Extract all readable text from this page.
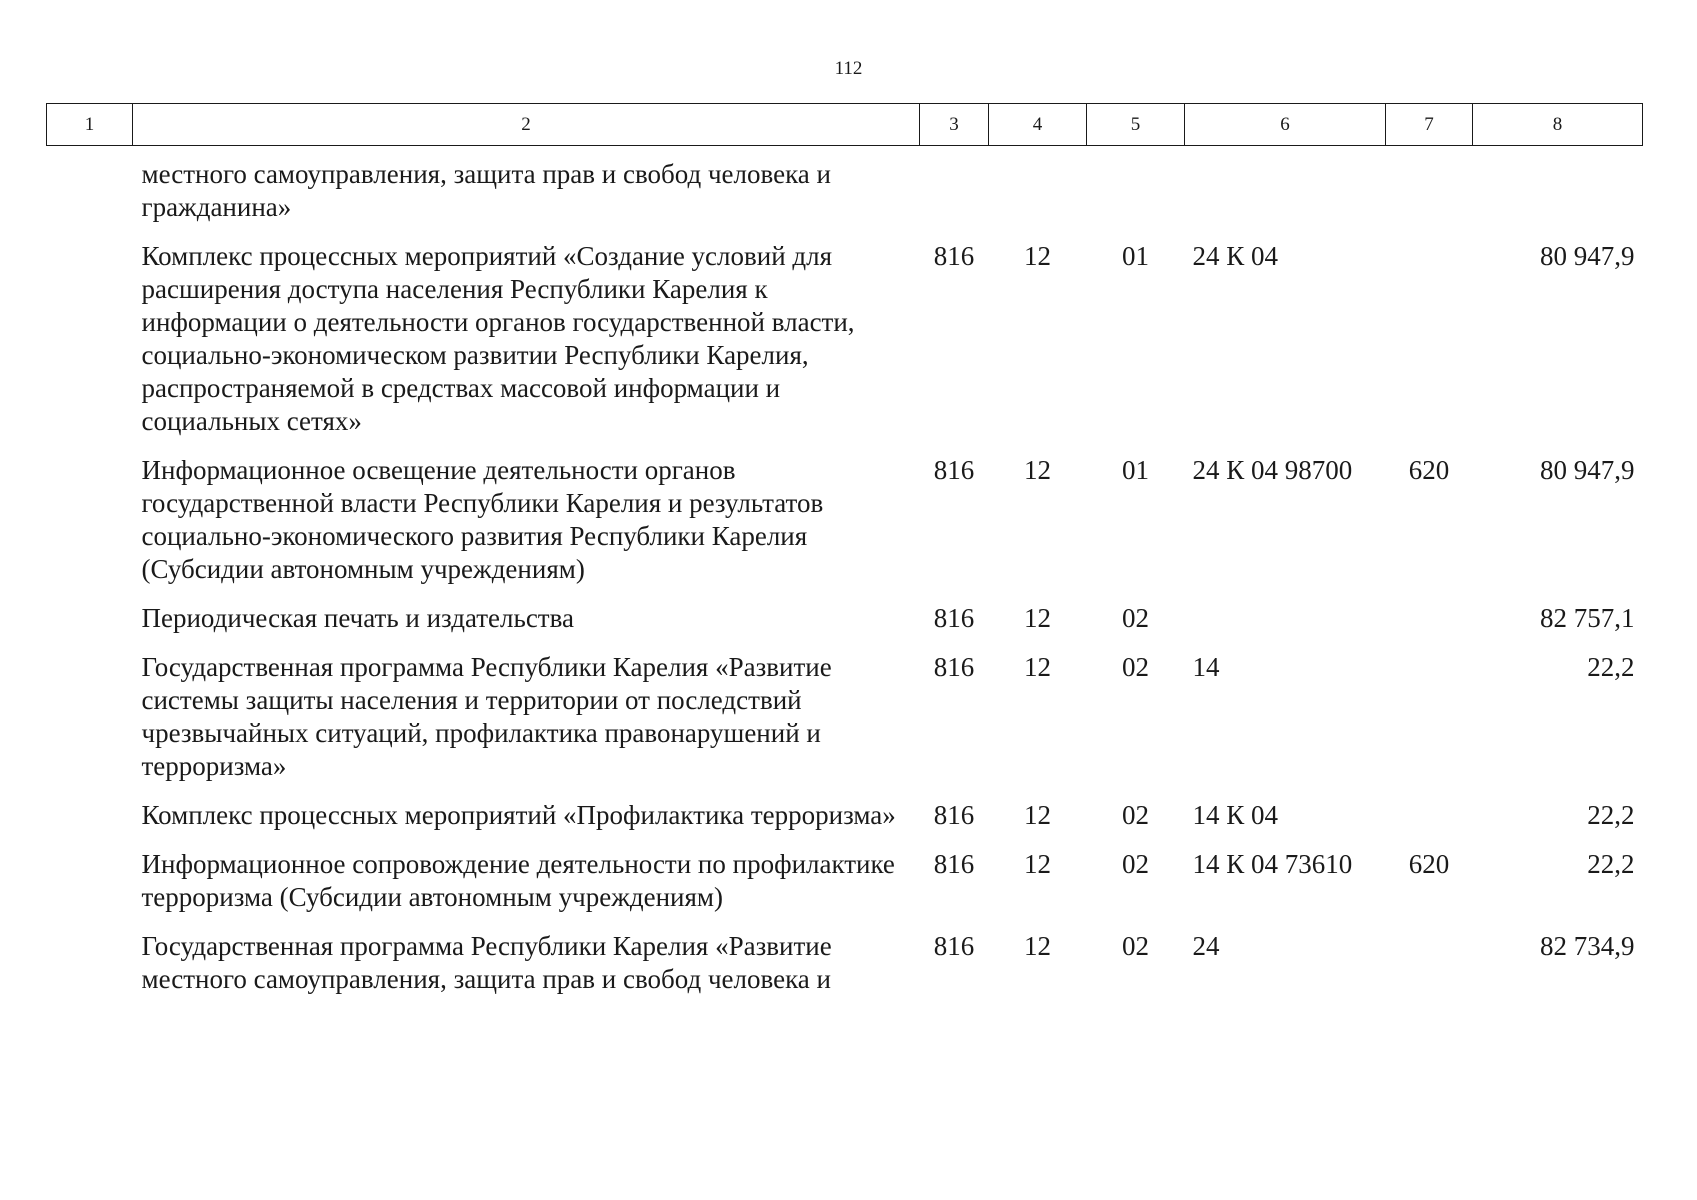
112
1	2	3	4	5	6	7	8
	местного самоуправления, защита прав и свобод человека и гражданина»						
	Комплекс процессных мероприятий «Создание условий для расширения доступа населения Республики Карелия к информации о деятельности органов государственной власти, социально-экономическом развитии Республики Карелия, распространяемой в средствах массовой информации и социальных сетях»	816	12	01	24 К 04		80 947,9
	Информационное освещение деятельности органов государственной власти Республики Карелия и результатов социально-экономического развития Республики Карелия (Субсидии автономным учреждениям)	816	12	01	24 К 04 98700	620	80 947,9
	Периодическая печать и издательства	816	12	02			82 757,1
	Государственная программа Республики Карелия «Развитие системы защиты населения и территории от последствий чрезвычайных ситуаций, профилактика правонарушений и терроризма»	816	12	02	14		22,2
	Комплекс процессных мероприятий «Профилактика терроризма»	816	12	02	14 К 04		22,2
	Информационное сопровождение деятельности по профилактике терроризма (Субсидии автономным учреждениям)	816	12	02	14 К 04 73610	620	22,2
	Государственная программа Республики Карелия «Развитие местного самоуправления, защита прав и свобод человека и	816	12	02	24		82 734,9
